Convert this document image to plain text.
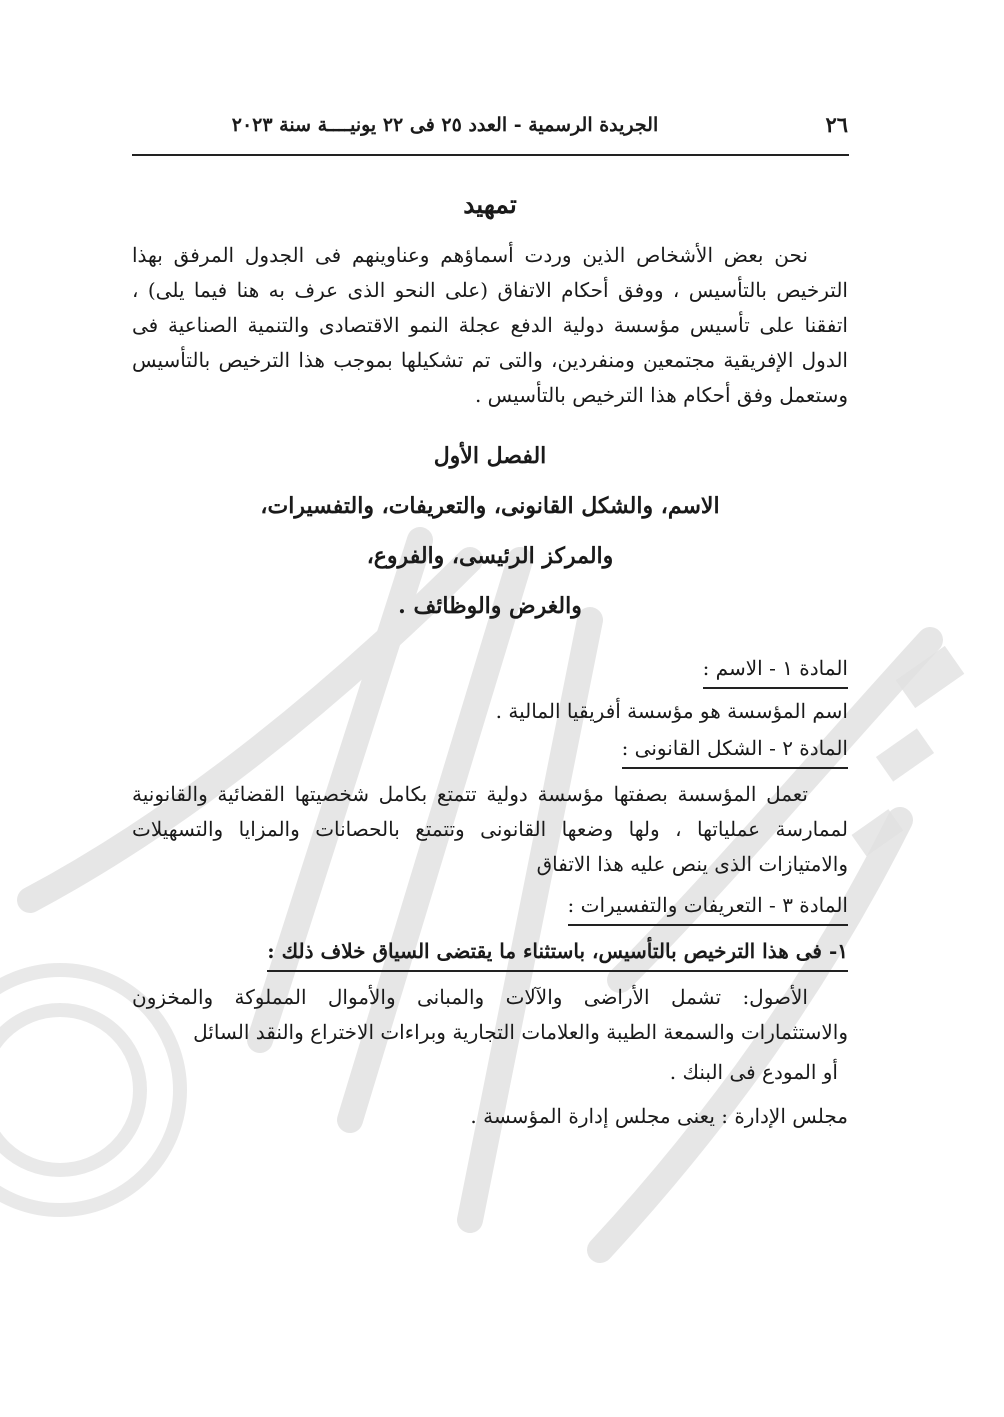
٢٦
الجريدة الرسمية - العدد ٢٥ فى ٢٢ يونيــــة سنة ٢٠٢٣
تمهيد

نحن بعض الأشخاص الذين وردت أسماؤهم وعناوينهم فى الجدول المرفق بهذا الترخيص بالتأسيس ، ووفق أحكام الاتفاق (على النحو الذى عرف به هنا فيما يلى) ، اتفقنا على تأسيس مؤسسة دولية الدفع عجلة النمو الاقتصادى والتنمية الصناعية فى الدول الإفريقية مجتمعين ومنفردين، والتى تم تشكيلها بموجب هذا الترخيص بالتأسيس وستعمل وفق أحكام هذا الترخيص بالتأسيس .

الفصل الأول
الاسم، والشكل القانونى، والتعريفات، والتفسيرات،
والمركز الرئيسى، والفروع،
والغرض والوظائف .
المادة ١ - الاسم :

اسم المؤسسة هو مؤسسة أفريقيا المالية .

المادة ٢ - الشكل القانونى :

تعمل المؤسسة بصفتها مؤسسة دولية تتمتع بكامل شخصيتها القضائية والقانونية لممارسة عملياتها ، ولها وضعها القانونى وتتمتع بالحصانات والمزايا والتسهيلات والامتيازات الذى ينص عليه هذا الاتفاق

المادة ٣ - التعريفات والتفسيرات :
١- فى هذا الترخيص بالتأسيس، باستثناء ما يقتضى السياق خلاف ذلك :

الأصول: تشمل الأراضى والآلات والمبانى والأموال المملوكة والمخزون والاستثمارات والسمعة الطيبة والعلامات التجارية وبراءات الاختراع والنقد السائل

أو المودع فى البنك .

مجلس الإدارة : يعنى مجلس إدارة المؤسسة .
